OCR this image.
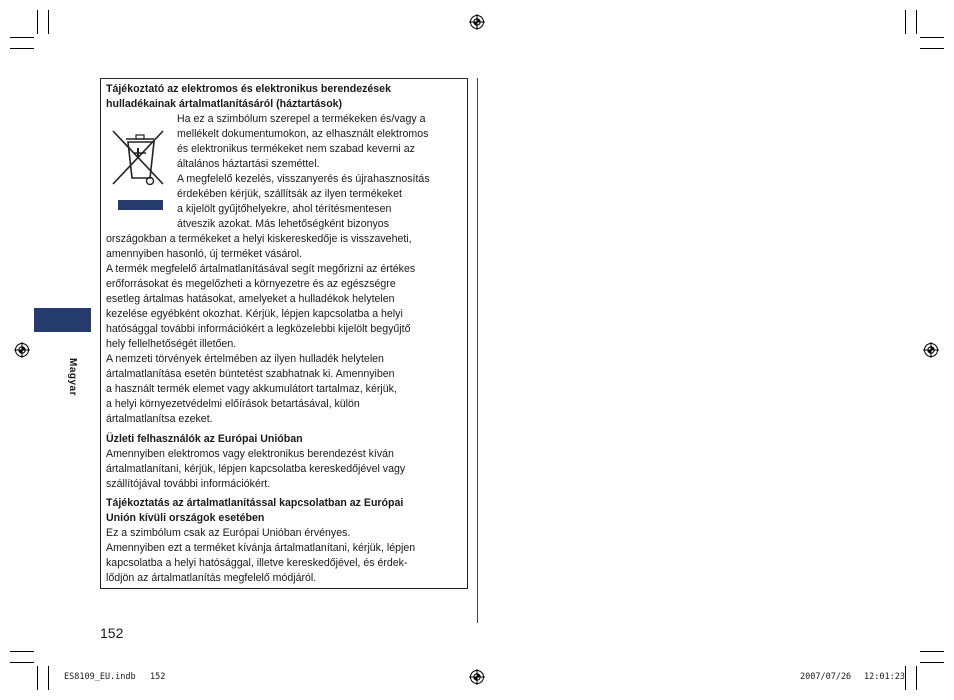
Magyar
Tájékoztató az elektromos és elektronikus berendezések
hulladékainak ártalmatlanításáról (háztartások)
Ha ez a szimbólum szerepel a termékeken és/vagy a
mellékelt dokumentumokon, az elhasznált elektromos
és elektronikus termékeket nem szabad keverni az
általános háztartási szeméttel.
A megfelelő kezelés, visszanyerés és újrahasznosítás
érdekében kérjük, szállítsák az ilyen termékeket
a kijelölt gyűjtőhelyekre, ahol térítésmentesen
átveszik azokat. Más lehetőségként bizonyos
országokban a termékeket a helyi kiskereskedője is visszaveheti,
amennyiben hasonló, új terméket vásárol.
A termék megfelelő ártalmatlanításával segít megőrizni az értékes
erőforrásokat és megelőzheti a környezetre és az egészségre
esetleg ártalmas hatásokat, amelyeket a hulladékok helytelen
kezelése egyébként okozhat. Kérjük, lépjen kapcsolatba a helyi
hatósággal további információkért a legközelebbi kijelölt begyűjtő
hely fellelhetőségét illetően.
A nemzeti törvények értelmében az ilyen hulladék helytelen
ártalmatlanítása esetén büntetést szabhatnak ki. Amennyiben
a használt termék elemet vagy akkumulátort tartalmaz, kérjük,
a helyi környezetvédelmi előírások betartásával, külön
ártalmatlanítsa ezeket.
Üzleti felhasználók az Európai Unióban
Amennyiben elektromos vagy elektronikus berendezést kíván
ártalmatlanítani, kérjük, lépjen kapcsolatba kereskedőjével vagy
szállítójával további információkért.
Tájékoztatás az ártalmatlanítással kapcsolatban az Európai
Unión kívüli országok esetében
Ez a szimbólum csak az Európai Unióban érvényes.
Amennyiben ezt a terméket kívánja ártalmatlanítani, kérjük, lépjen
kapcsolatba a helyi hatósággal, illetve kereskedőjével, és érdek-
lődjön az ártalmatlanítás megfelelő módjáról.
152
ES8109_EU.indb 152	2007/07/26 12:01:23
